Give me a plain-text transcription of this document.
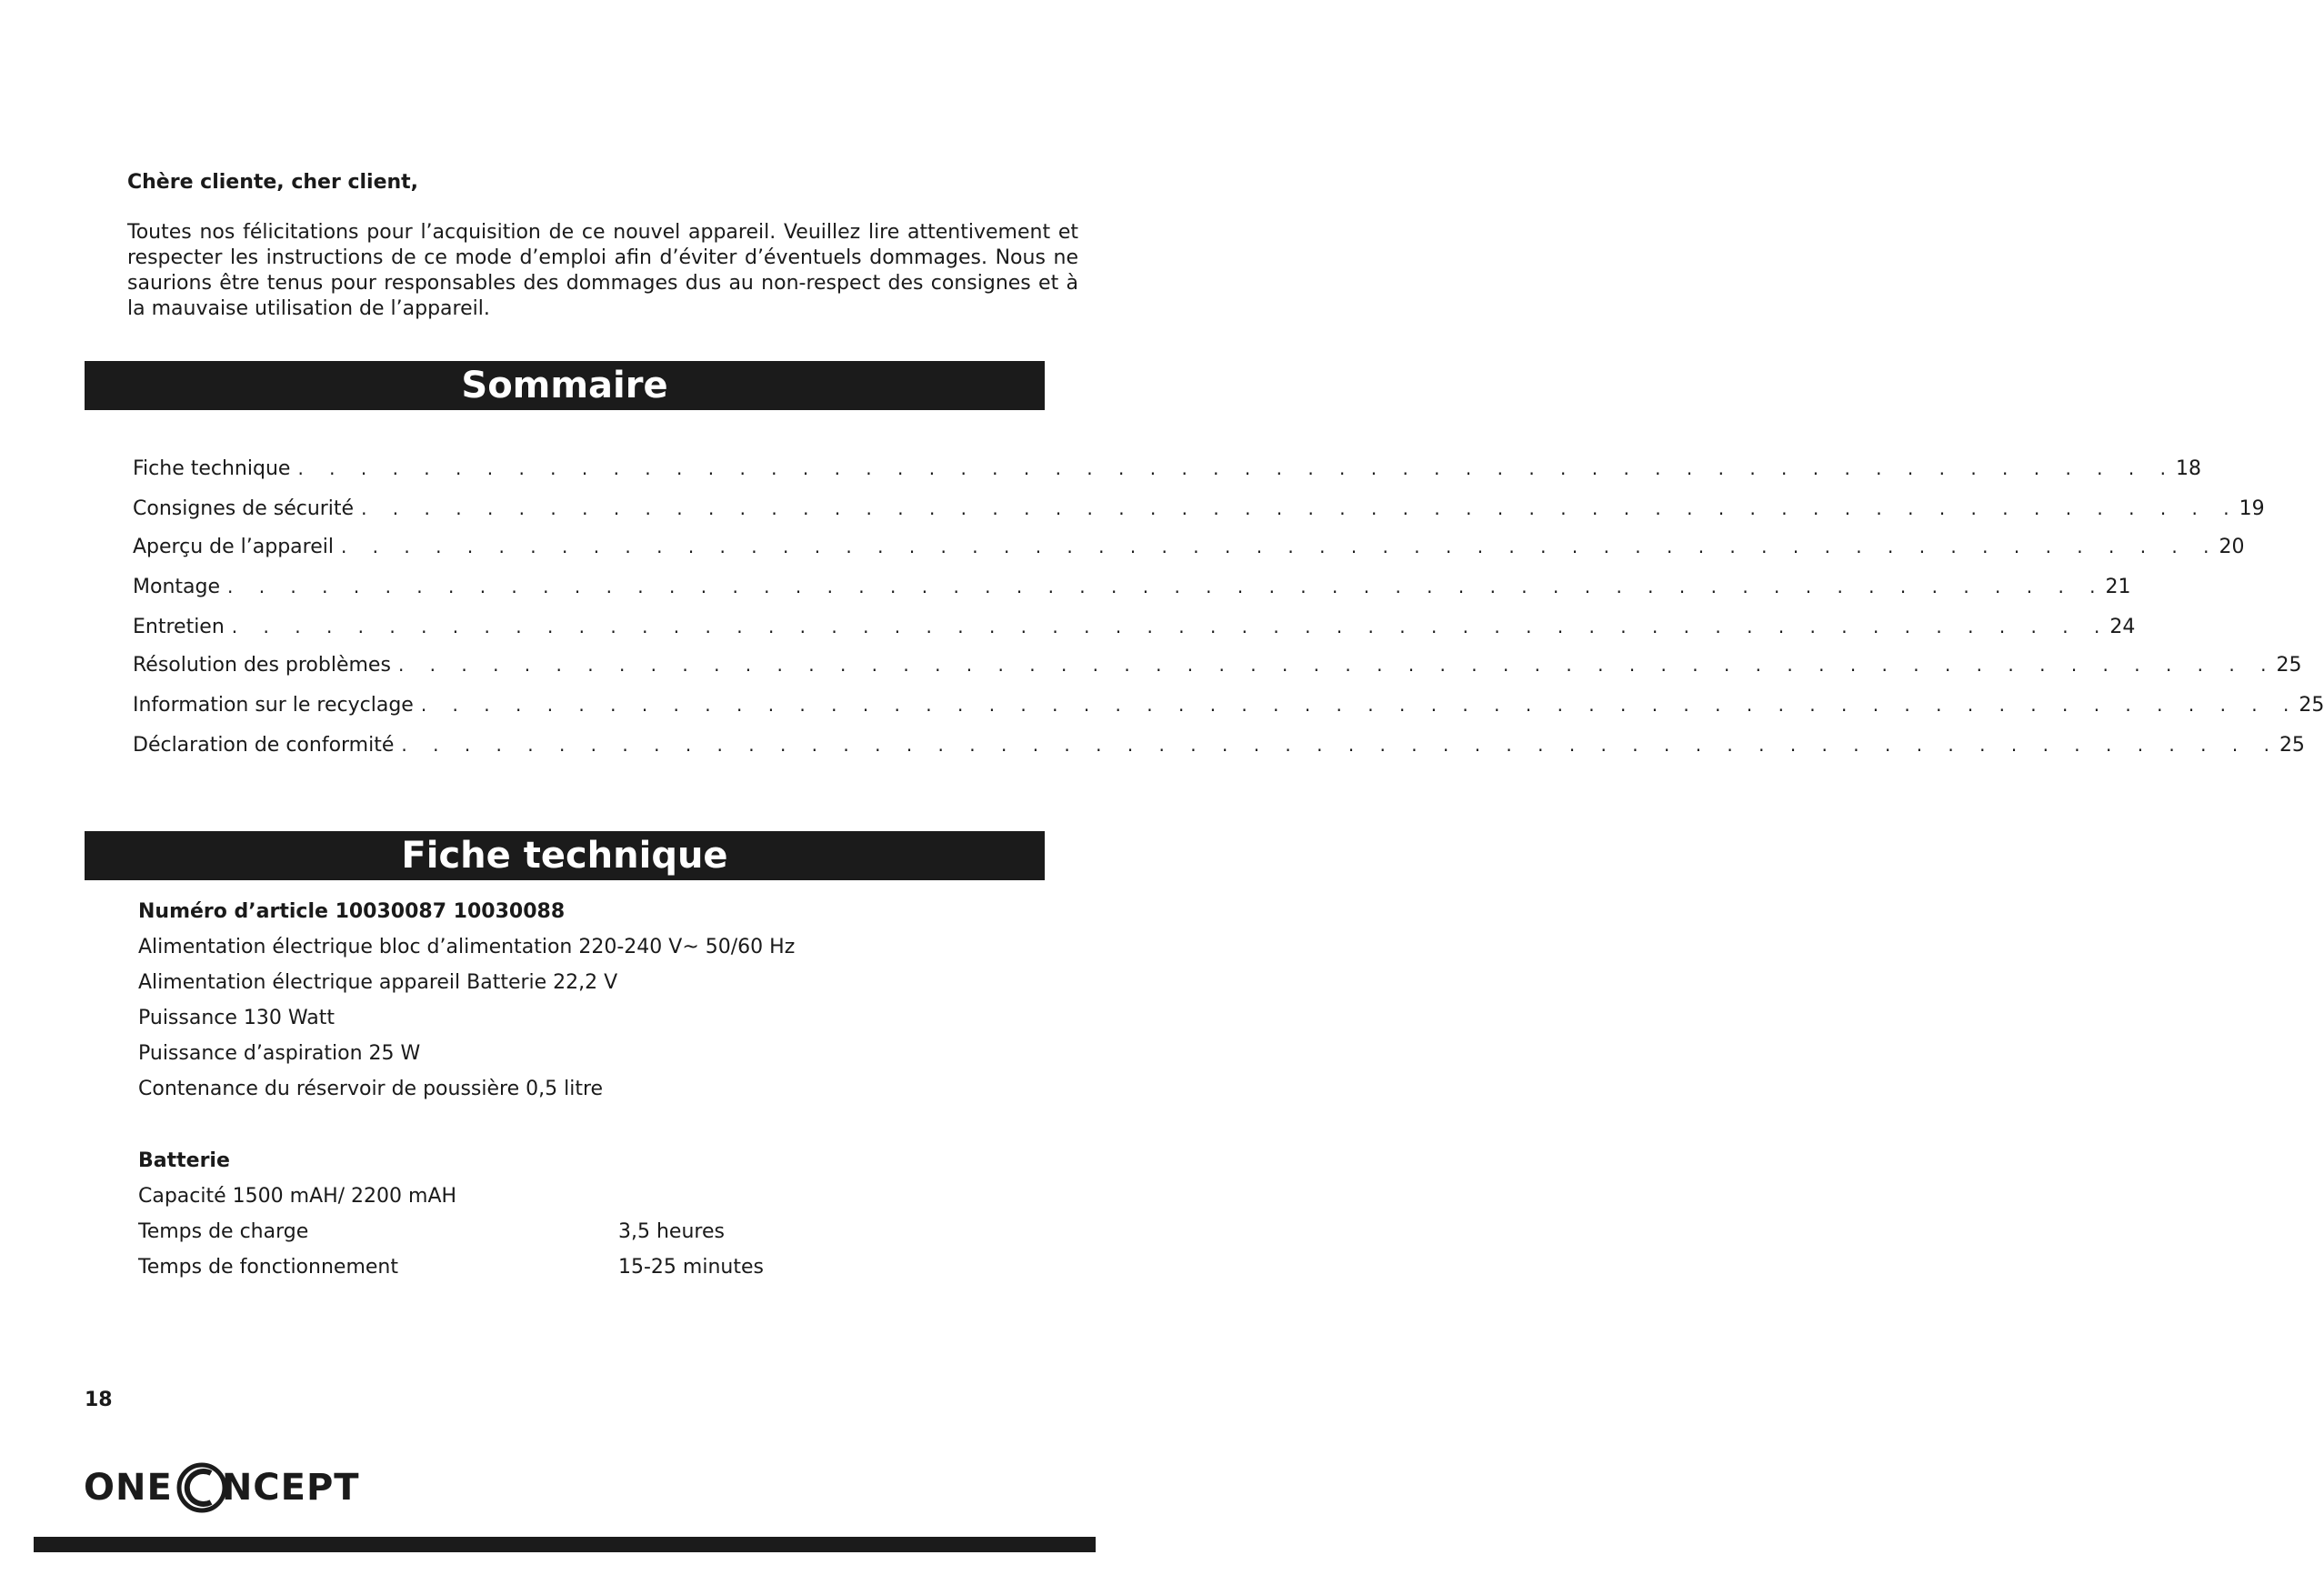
Chère cliente, cher client,

Toutes nos félicitations pour l’acquisition de ce nouvel appareil. Veuillez lire attentivement et respecter les instructions de ce mode d’emploi afin d’éviter d’éventuels dommages. Nous ne saurions être tenus pour responsables des dommages dus au non-respect des consignes et à la mauvaise utilisation de l’appareil.

Sommaire
Fiche technique . . . . . . . . . . . . . . . . . . . . . . . . . . . . . . . . . . . . . . . . . . . . . . . . . . . . . . . . . . . . 18
Consignes de sécurité . . . . . . . . . . . . . . . . . . . . . . . . . . . . . . . . . . . . . . . . . . . . . . . . . . . . . . . . . . . . 19
Aperçu de l’appareil . . . . . . . . . . . . . . . . . . . . . . . . . . . . . . . . . . . . . . . . . . . . . . . . . . . . . . . . . . . . 20
Montage . . . . . . . . . . . . . . . . . . . . . . . . . . . . . . . . . . . . . . . . . . . . . . . . . . . . . . . . . . . . 21
Entretien . . . . . . . . . . . . . . . . . . . . . . . . . . . . . . . . . . . . . . . . . . . . . . . . . . . . . . . . . . . . 24
Résolution des problèmes . . . . . . . . . . . . . . . . . . . . . . . . . . . . . . . . . . . . . . . . . . . . . . . . . . . . . . . . . . . . 25
Information sur le recyclage . . . . . . . . . . . . . . . . . . . . . . . . . . . . . . . . . . . . . . . . . . . . . . . . . . . . . . . . . . . . 25
Déclaration de conformité . . . . . . . . . . . . . . . . . . . . . . . . . . . . . . . . . . . . . . . . . . . . . . . . . . . . . . . . . . . . 25
Fiche technique

Numéro d’article 10030087 10030088

Alimentation électrique bloc d’alimentation 220-240 V~ 50/60 Hz

Alimentation électrique appareil Batterie 22,2 V

Puissance 130 Watt

Puissance d’aspiration 25 W

Contenance du réservoir de poussière 0,5 litre

Batterie

Capacité 1500 mAH/ 2200 mAH

Temps de charge	3,5 heures

Temps de fonctionnement	15-25 minutes
18
ONE NCEPT
